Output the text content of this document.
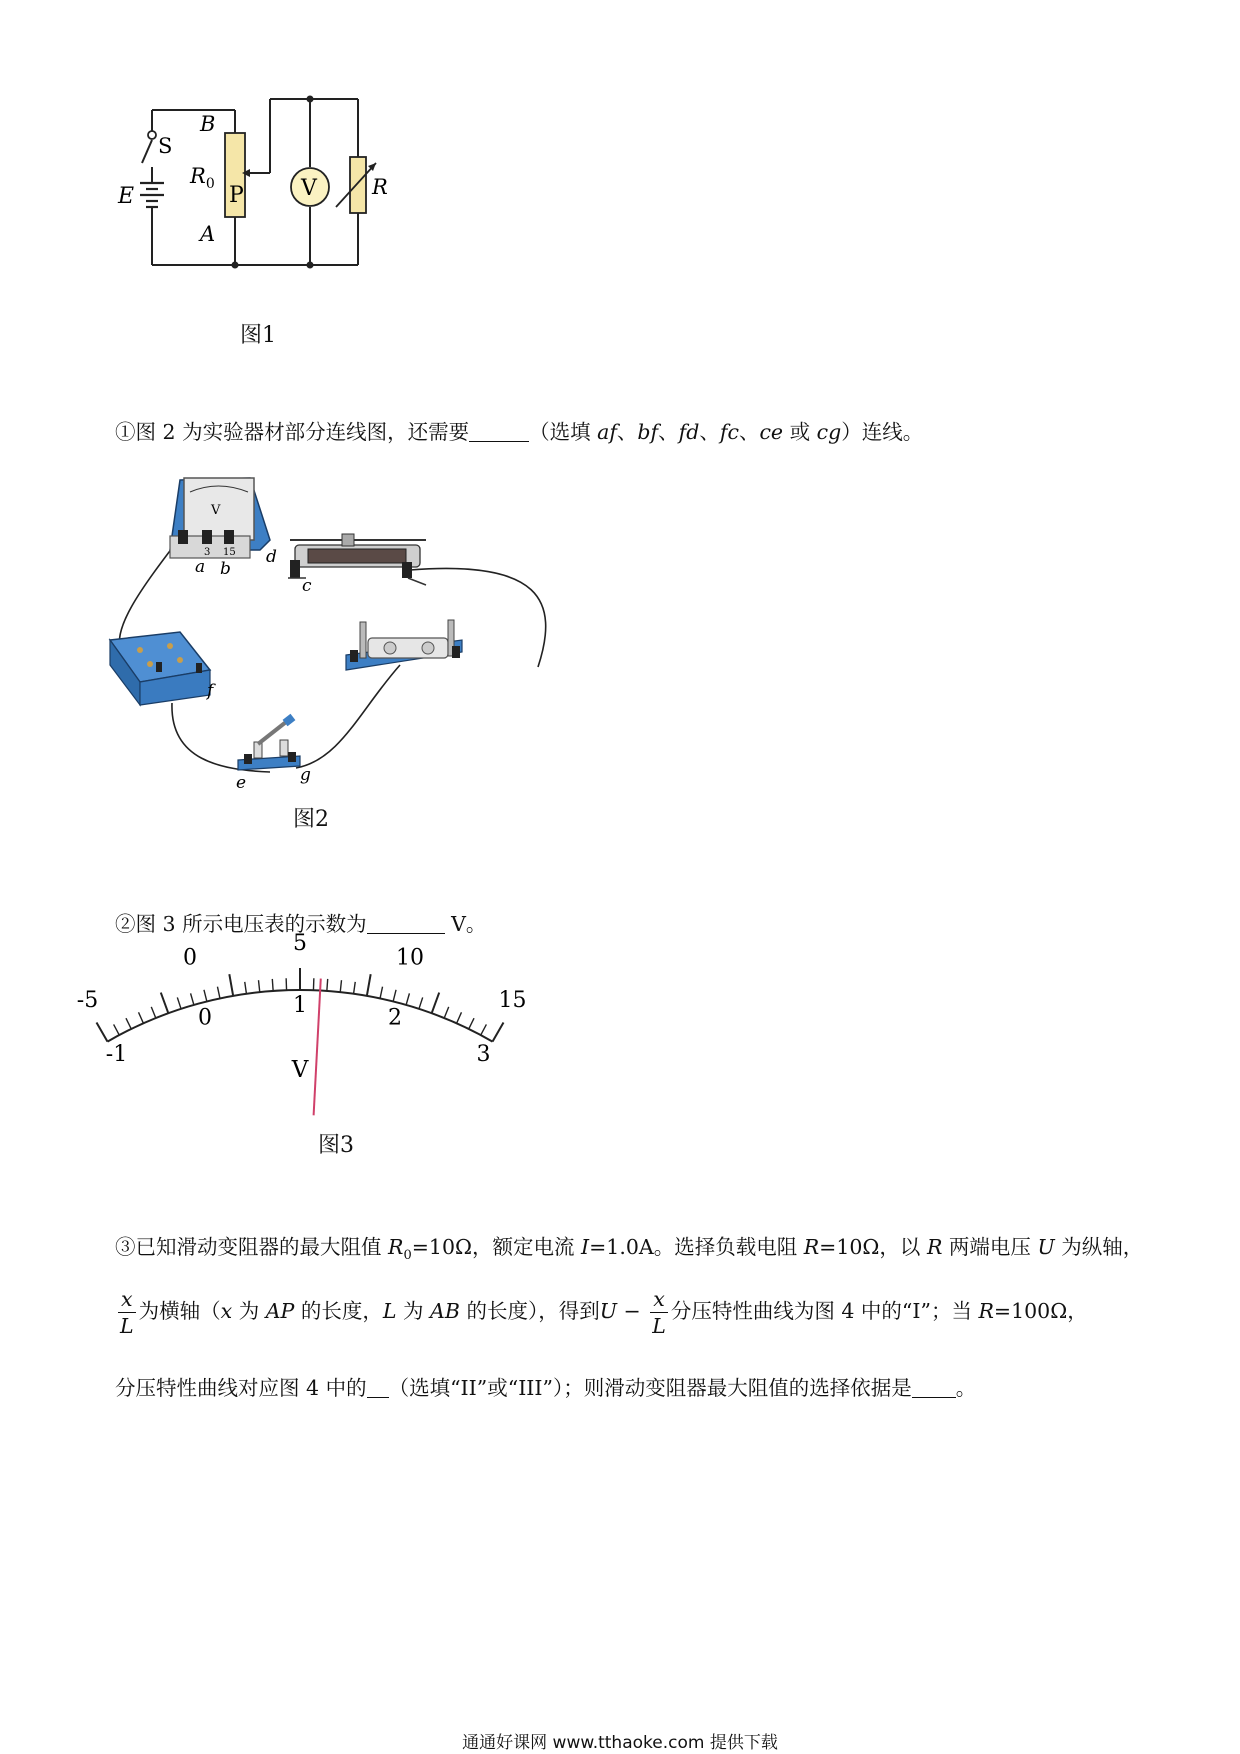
S
E
B
$R_0$ P
A
V	R
图1
①图 2 为实验器材部分连线图，还需要	（选填 af、bf、fd、fc、ce 或 cg）连线。
V
3 15
a b
d
c
f
e	g
图2
②图 3 所示电压表的示数为	V。
-5
0
5
10
15
-1
0
1
2
3
V
图3
③已知滑动变阻器的最大阻值 $R_0=10\Omega$，额定电流 I=1.0A。选择负载电阻 R=10Ω，以 R 两端电压 U 为纵轴，
$\frac{x}{L}$ 为横轴（x 为 AP 的长度，L 为 AB 的长度），得到$U - \frac{x}{L}$ 分压特性曲线为图 4 中的“I”；当 R=100Ω，
分压特性曲线对应图 4 中的 （选填“II”或“III”）；则滑动变阻器最大阻值的选择依据是 。
通通好课网 www.tthaoke.com 提供下载
